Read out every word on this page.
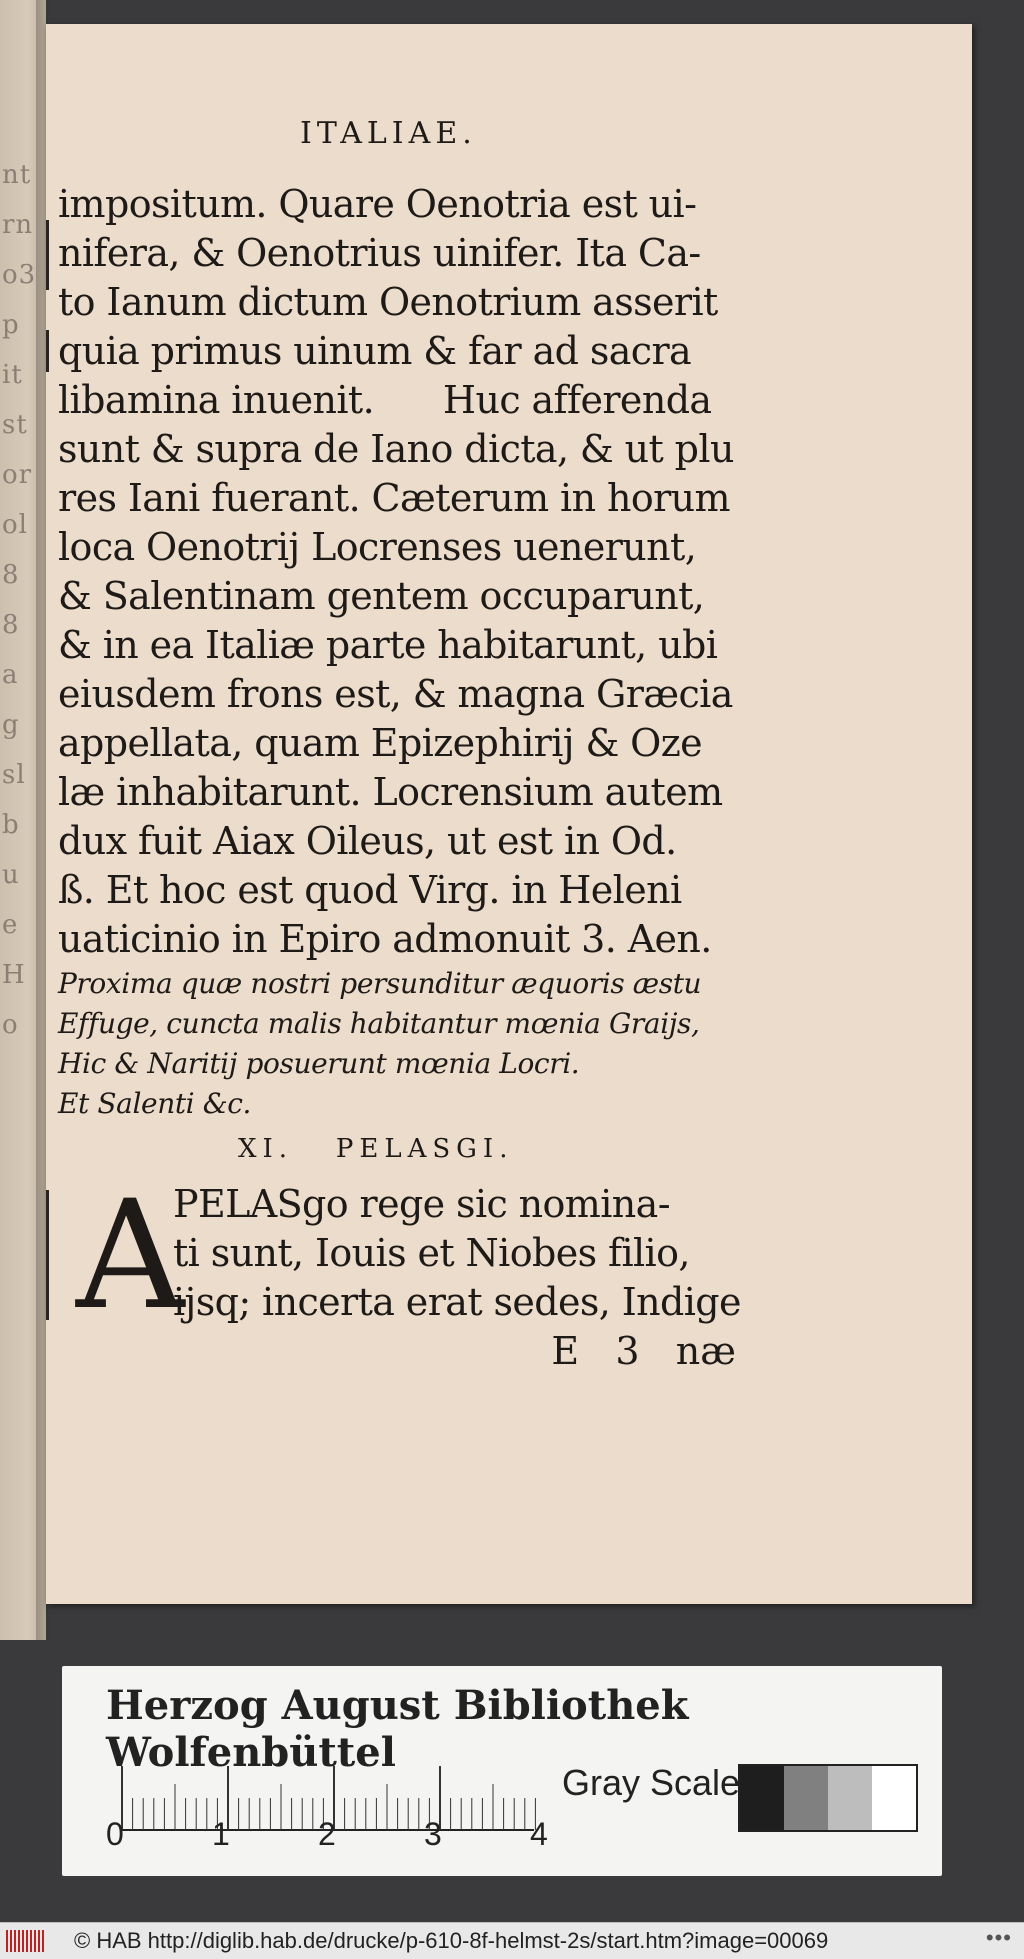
nt
rn
o3
p
it
st
or
ol
8
8
a
g
sl
b
u
e
H
o
ITALIAE.
impositum. Quare Oenotria est ui-
nifera, & Oenotrius uinifer. Ita Ca-
to Ianum dictum Oenotrium asserit
quia primus uinum & far ad sacra
libamina inuenit.      Huc afferenda
sunt & supra de Iano dicta, & ut plu
res Iani fuerant. Cæterum in horum
loca Oenotrij Locrenses uenerunt,
& Salentinam gentem occuparunt,
& in ea Italiæ parte habitarunt, ubi
eiusdem frons est, & magna Græcia
appellata, quam Epizephirij & Oze
læ inhabitarunt. Locrensium autem
dux fuit Aiax Oileus, ut est in Od.
ß. Et hoc est quod Virg. in Heleni
uaticinio in Epiro admonuit 3. Aen.
Proxima quæ nostri persunditur æquoris æstu
Effuge, cuncta malis habitantur mœnia Graijs,
Hic & Naritij posuerunt mœnia Locri.
Et Salenti &c.
XI.   PELASGI.
A
PELASgo rege sic nomina-
ti sunt, Iouis et Niobes filio,
ijsq; incerta erat sedes, Indige
E   3   næ
Herzog August Bibliothek Wolfenbüttel
0	1	2	3	4
Gray Scale
© HAB http://diglib.hab.de/drucke/p-610-8f-helmst-2s/start.htm?image=00069	•••
